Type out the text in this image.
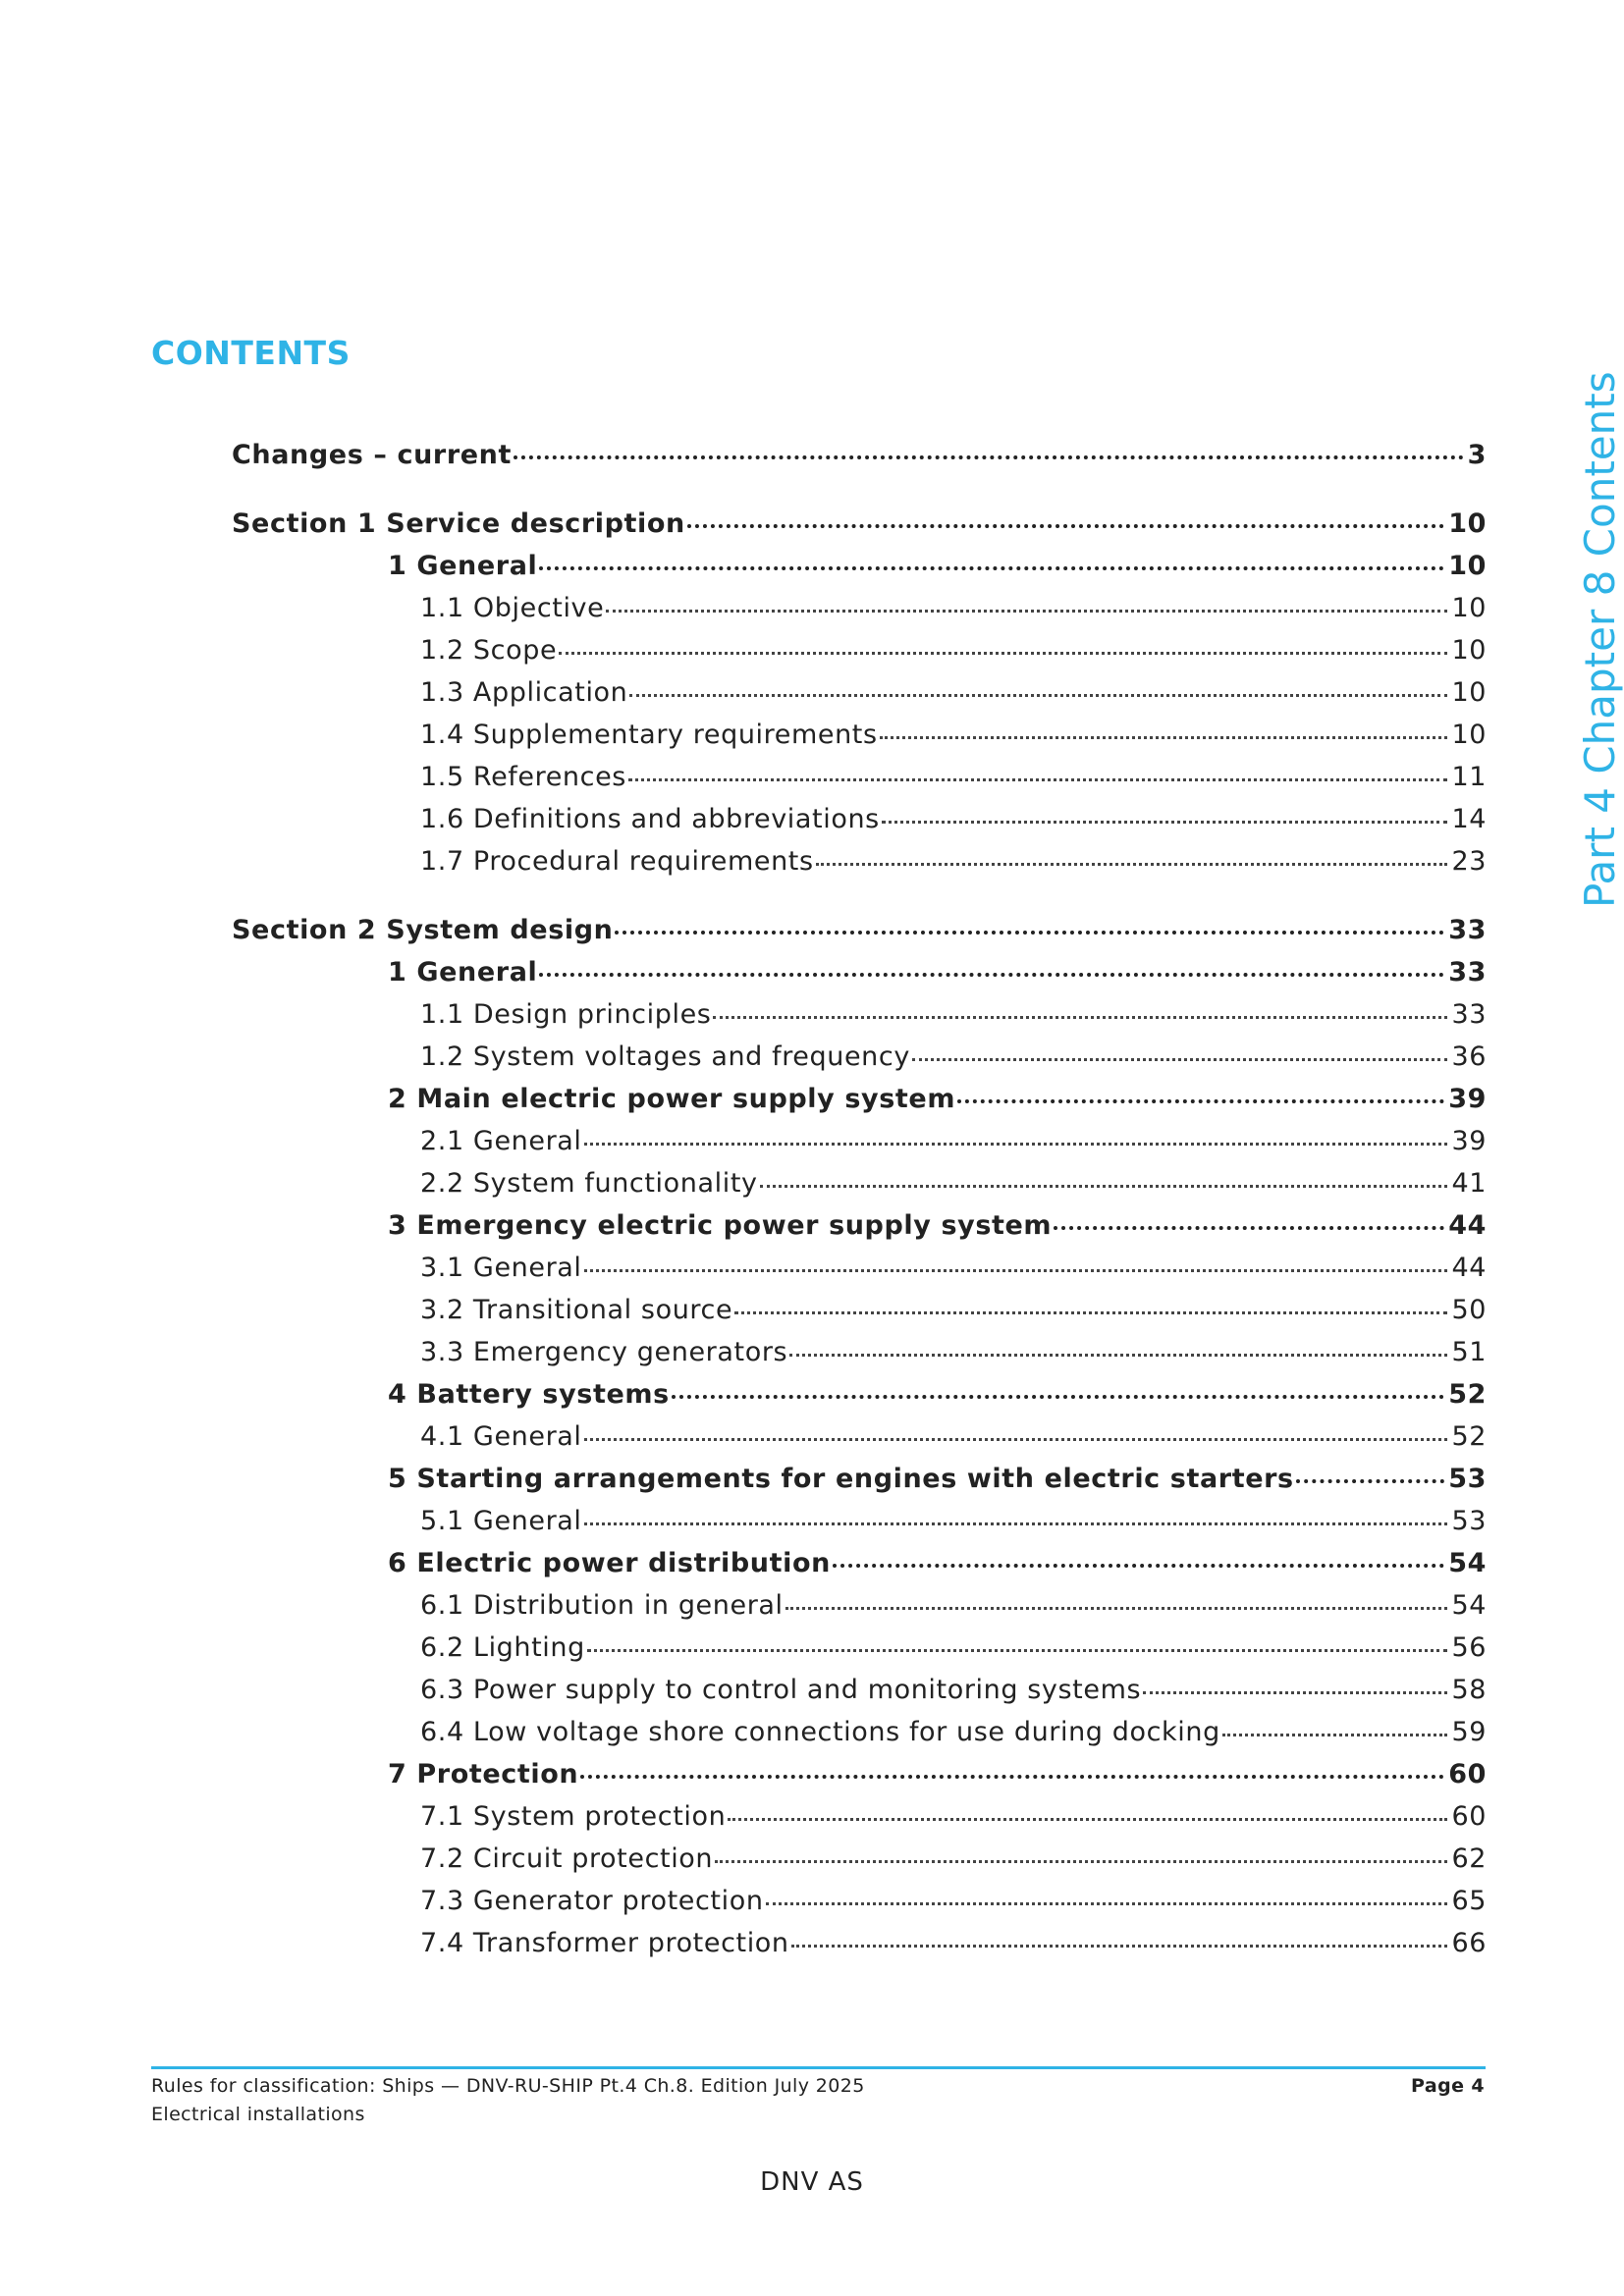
CONTENTS
Part 4 Chapter 8 Contents
Changes – current	3
Section 1 Service description	10
1 General	10
1.1 Objective	10
1.2 Scope	10
1.3 Application	10
1.4 Supplementary requirements	10
1.5 References	11
1.6 Definitions and abbreviations	14
1.7 Procedural requirements	23
Section 2 System design	33
1 General	33
1.1 Design principles	33
1.2 System voltages and frequency	36
2 Main electric power supply system	39
2.1 General	39
2.2 System functionality	41
3 Emergency electric power supply system	44
3.1 General	44
3.2 Transitional source	50
3.3 Emergency generators	51
4 Battery systems	52
4.1 General	52
5 Starting arrangements for engines with electric starters	53
5.1 General	53
6 Electric power distribution	54
6.1 Distribution in general	54
6.2 Lighting	56
6.3 Power supply to control and monitoring systems	58
6.4 Low voltage shore connections for use during docking	59
7 Protection	60
7.1 System protection	60
7.2 Circuit protection	62
7.3 Generator protection	65
7.4 Transformer protection	66
Rules for classification: Ships — DNV-RU-SHIP Pt.4 Ch.8. Edition July 2025
Electrical installations
Page 4
DNV AS
